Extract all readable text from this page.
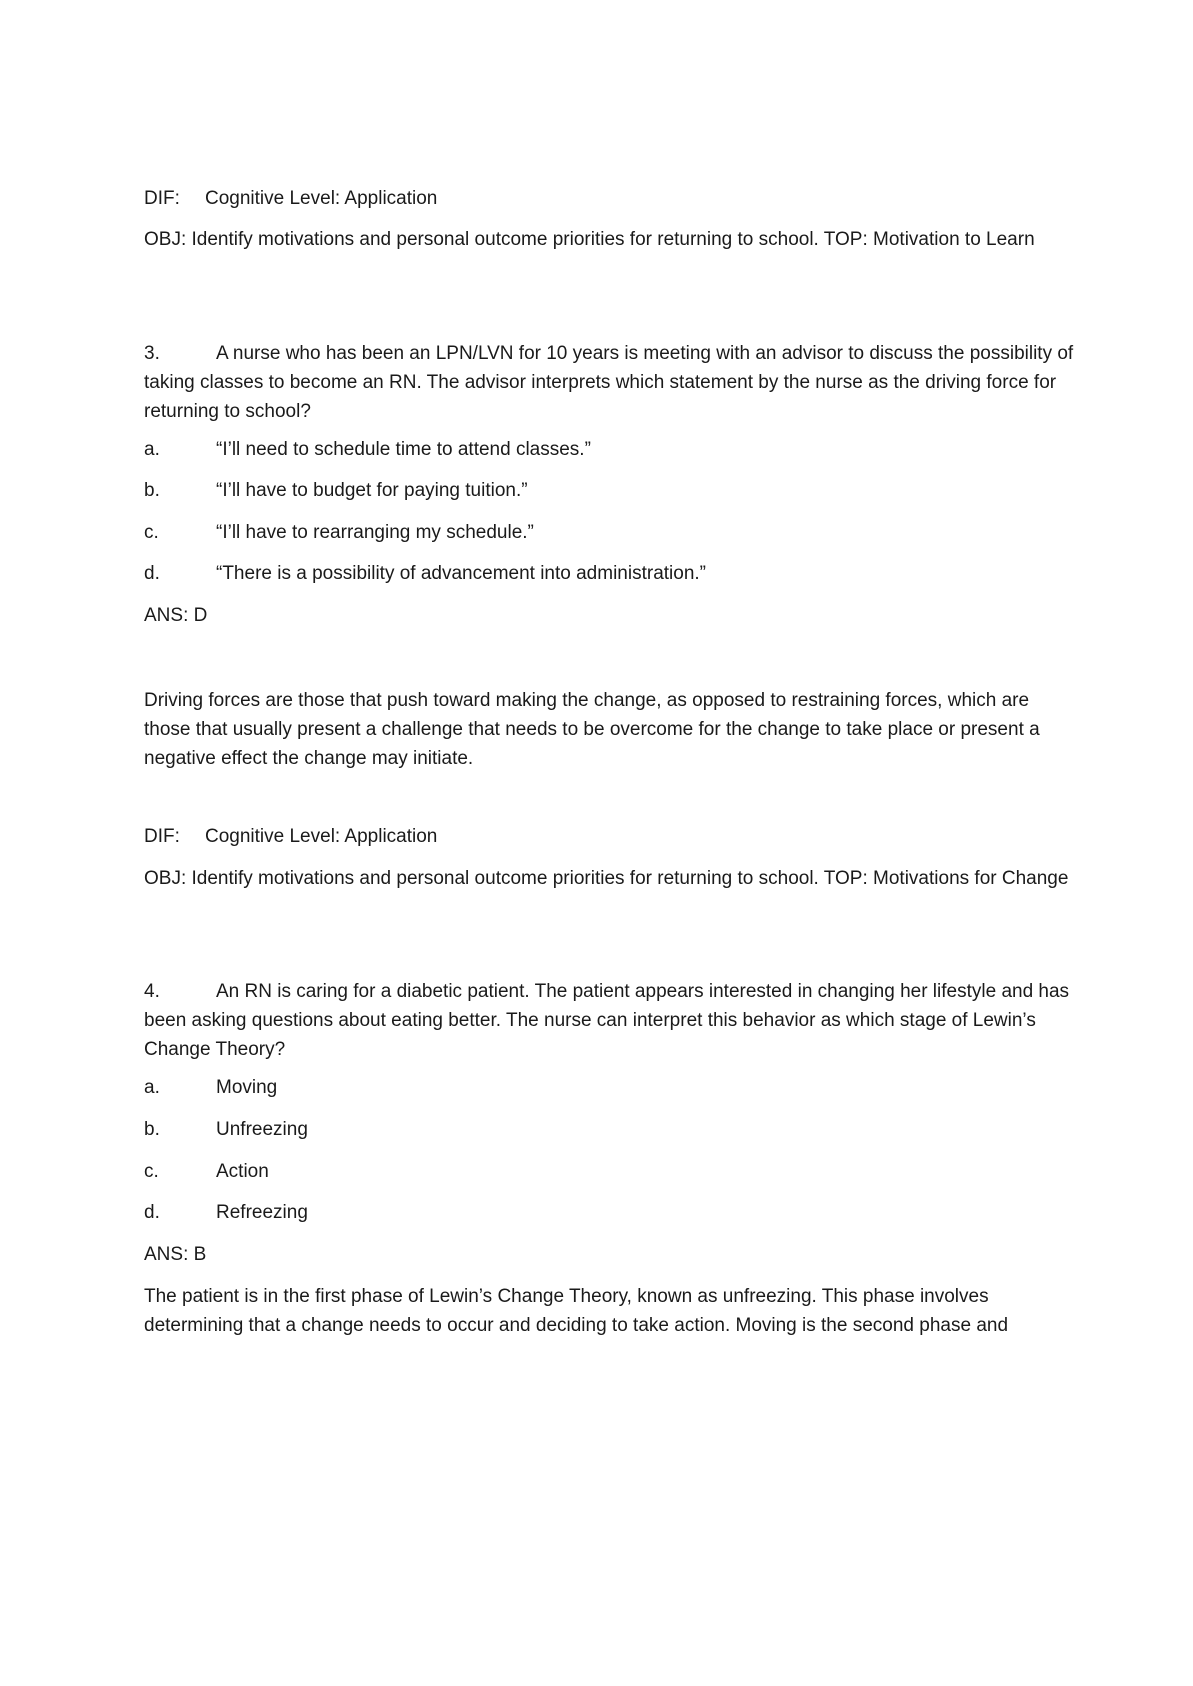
DIF: Cognitive Level: Application

OBJ: Identify motivations and personal outcome priorities for returning to school. TOP: Motivation to Learn

3.	A nurse who has been an LPN/LVN for 10 years is meeting with an advisor to discuss the possibility of taking classes to become an RN. The advisor interprets which statement by the nurse as the driving force for returning to school?

a.	“I’ll need to schedule time to attend classes.”
b.	“I’ll have to budget for paying tuition.”
c.	“I’ll have to rearranging my schedule.”
d.	“There is a possibility of advancement into administration.”
ANS: D

Driving forces are those that push toward making the change, as opposed to restraining forces, which are those that usually present a challenge that needs to be overcome for the change to take place or present a negative effect the change may initiate.

DIF: Cognitive Level: Application

OBJ: Identify motivations and personal outcome priorities for returning to school. TOP: Motivations for Change

4.	An RN is caring for a diabetic patient. The patient appears interested in changing her lifestyle and has been asking questions about eating better. The nurse can interpret this behavior as which stage of Lewin’s Change Theory?

a.	Moving
b.	Unfreezing
c.	Action
d.	Refreezing
ANS: B

The patient is in the first phase of Lewin’s Change Theory, known as unfreezing. This phase involves determining that a change needs to occur and deciding to take action. Moving is the second phase and
